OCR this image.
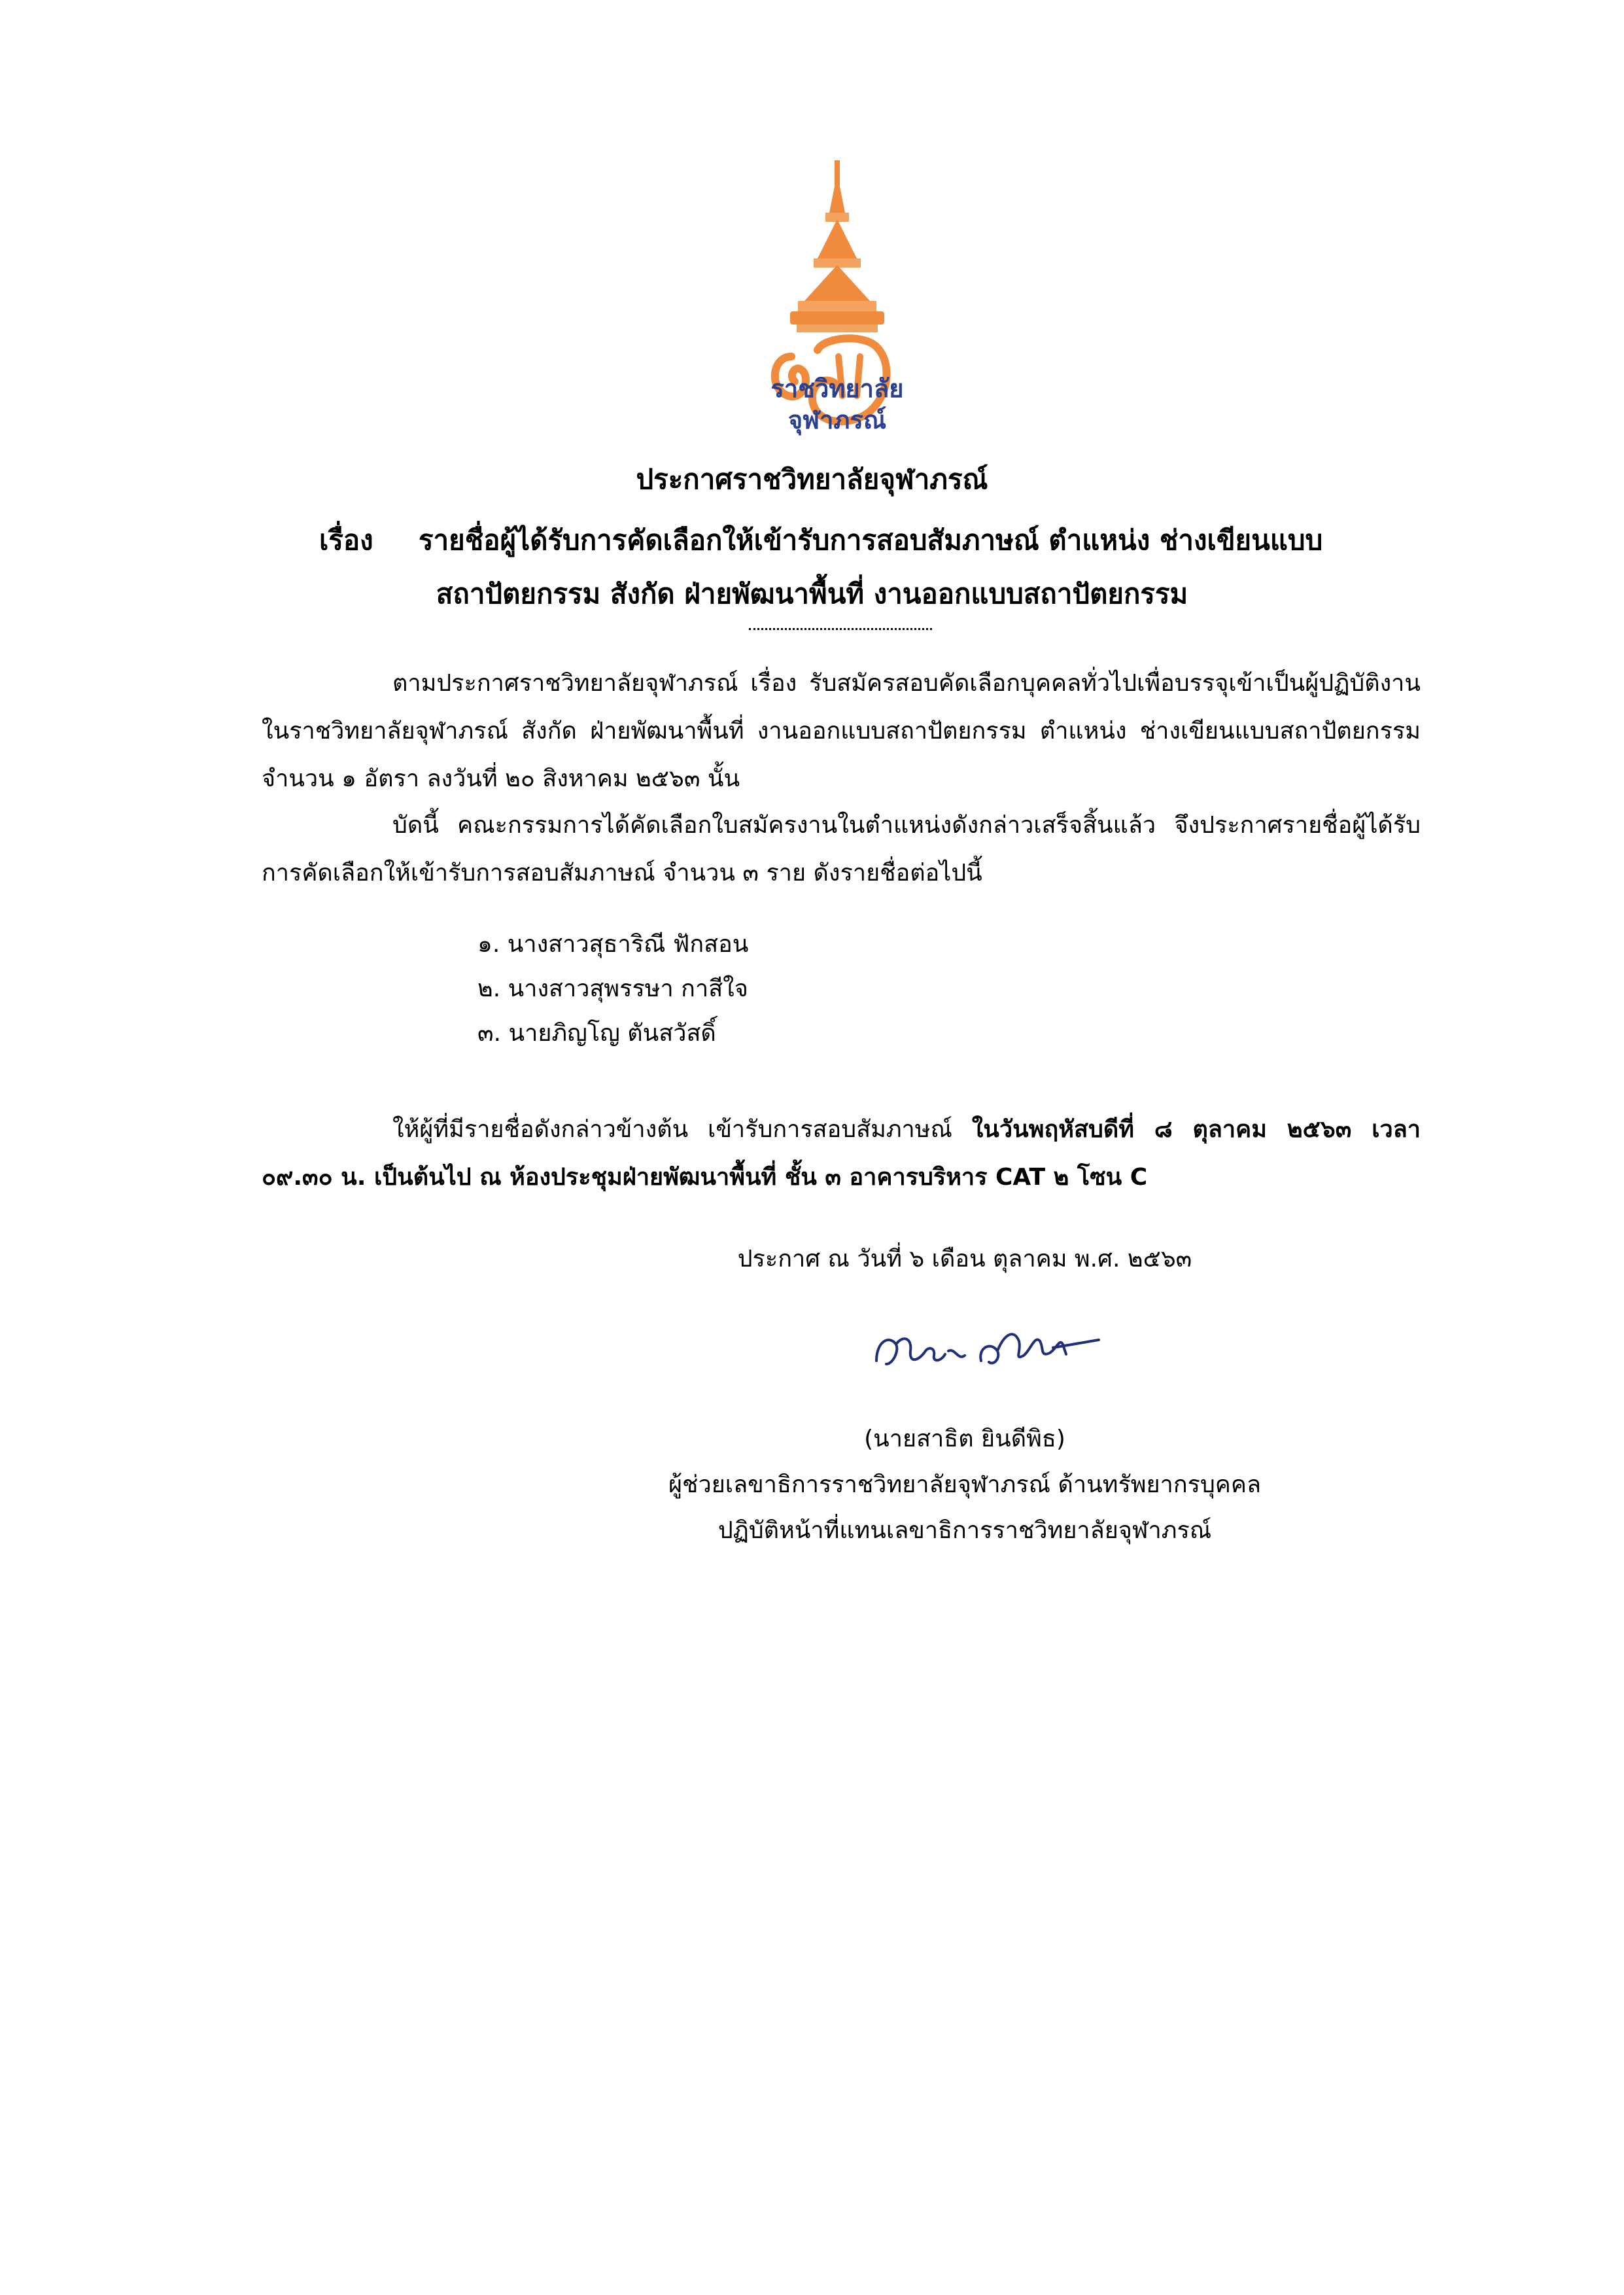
ราชวิทยาลัย
จุฬาภรณ์
ประกาศราชวิทยาลัยจุฬาภรณ์
เรื่อง รายชื่อผู้ได้รับการคัดเลือกให้เข้ารับการสอบสัมภาษณ์ ตำแหน่ง ช่างเขียนแบบ
สถาปัตยกรรม สังกัด ฝ่ายพัฒนาพื้นที่ งานออกแบบสถาปัตยกรรม
ตามประกาศราชวิทยาลัยจุฬาภรณ์ เรื่อง รับสมัครสอบคัดเลือกบุคคลทั่วไปเพื่อบรรจุเข้าเป็นผู้ปฏิบัติงานในราชวิทยาลัยจุฬาภรณ์ สังกัด ฝ่ายพัฒนาพื้นที่ งานออกแบบสถาปัตยกรรม ตำแหน่ง ช่างเขียนแบบสถาปัตยกรรม จำนวน ๑ อัตรา ลงวันที่ ๒๐ สิงหาคม ๒๕๖๓ นั้น
บัดนี้ คณะกรรมการได้คัดเลือกใบสมัครงานในตำแหน่งดังกล่าวเสร็จสิ้นแล้ว จึงประกาศรายชื่อผู้ได้รับการคัดเลือกให้เข้ารับการสอบสัมภาษณ์ จำนวน ๓ ราย ดังรายชื่อต่อไปนี้
๑. นางสาวสุธาริณี ฟักสอน
๒. นางสาวสุพรรษา กาสีใจ
๓. นายภิญโญ ตันสวัสดิ์
ให้ผู้ที่มีรายชื่อดังกล่าวข้างต้น เข้ารับการสอบสัมภาษณ์ ในวันพฤหัสบดีที่ ๘ ตุลาคม ๒๕๖๓ เวลา ๐๙.๓๐ น. เป็นต้นไป ณ ห้องประชุมฝ่ายพัฒนาพื้นที่ ชั้น ๓ อาคารบริหาร CAT ๒ โซน C
ประกาศ ณ วันที่ ๖ เดือน ตุลาคม พ.ศ. ๒๕๖๓
(นายสาธิต ยินดีพิธ)
ผู้ช่วยเลขาธิการราชวิทยาลัยจุฬาภรณ์ ด้านทรัพยากรบุคคล
ปฏิบัติหน้าที่แทนเลขาธิการราชวิทยาลัยจุฬาภรณ์
